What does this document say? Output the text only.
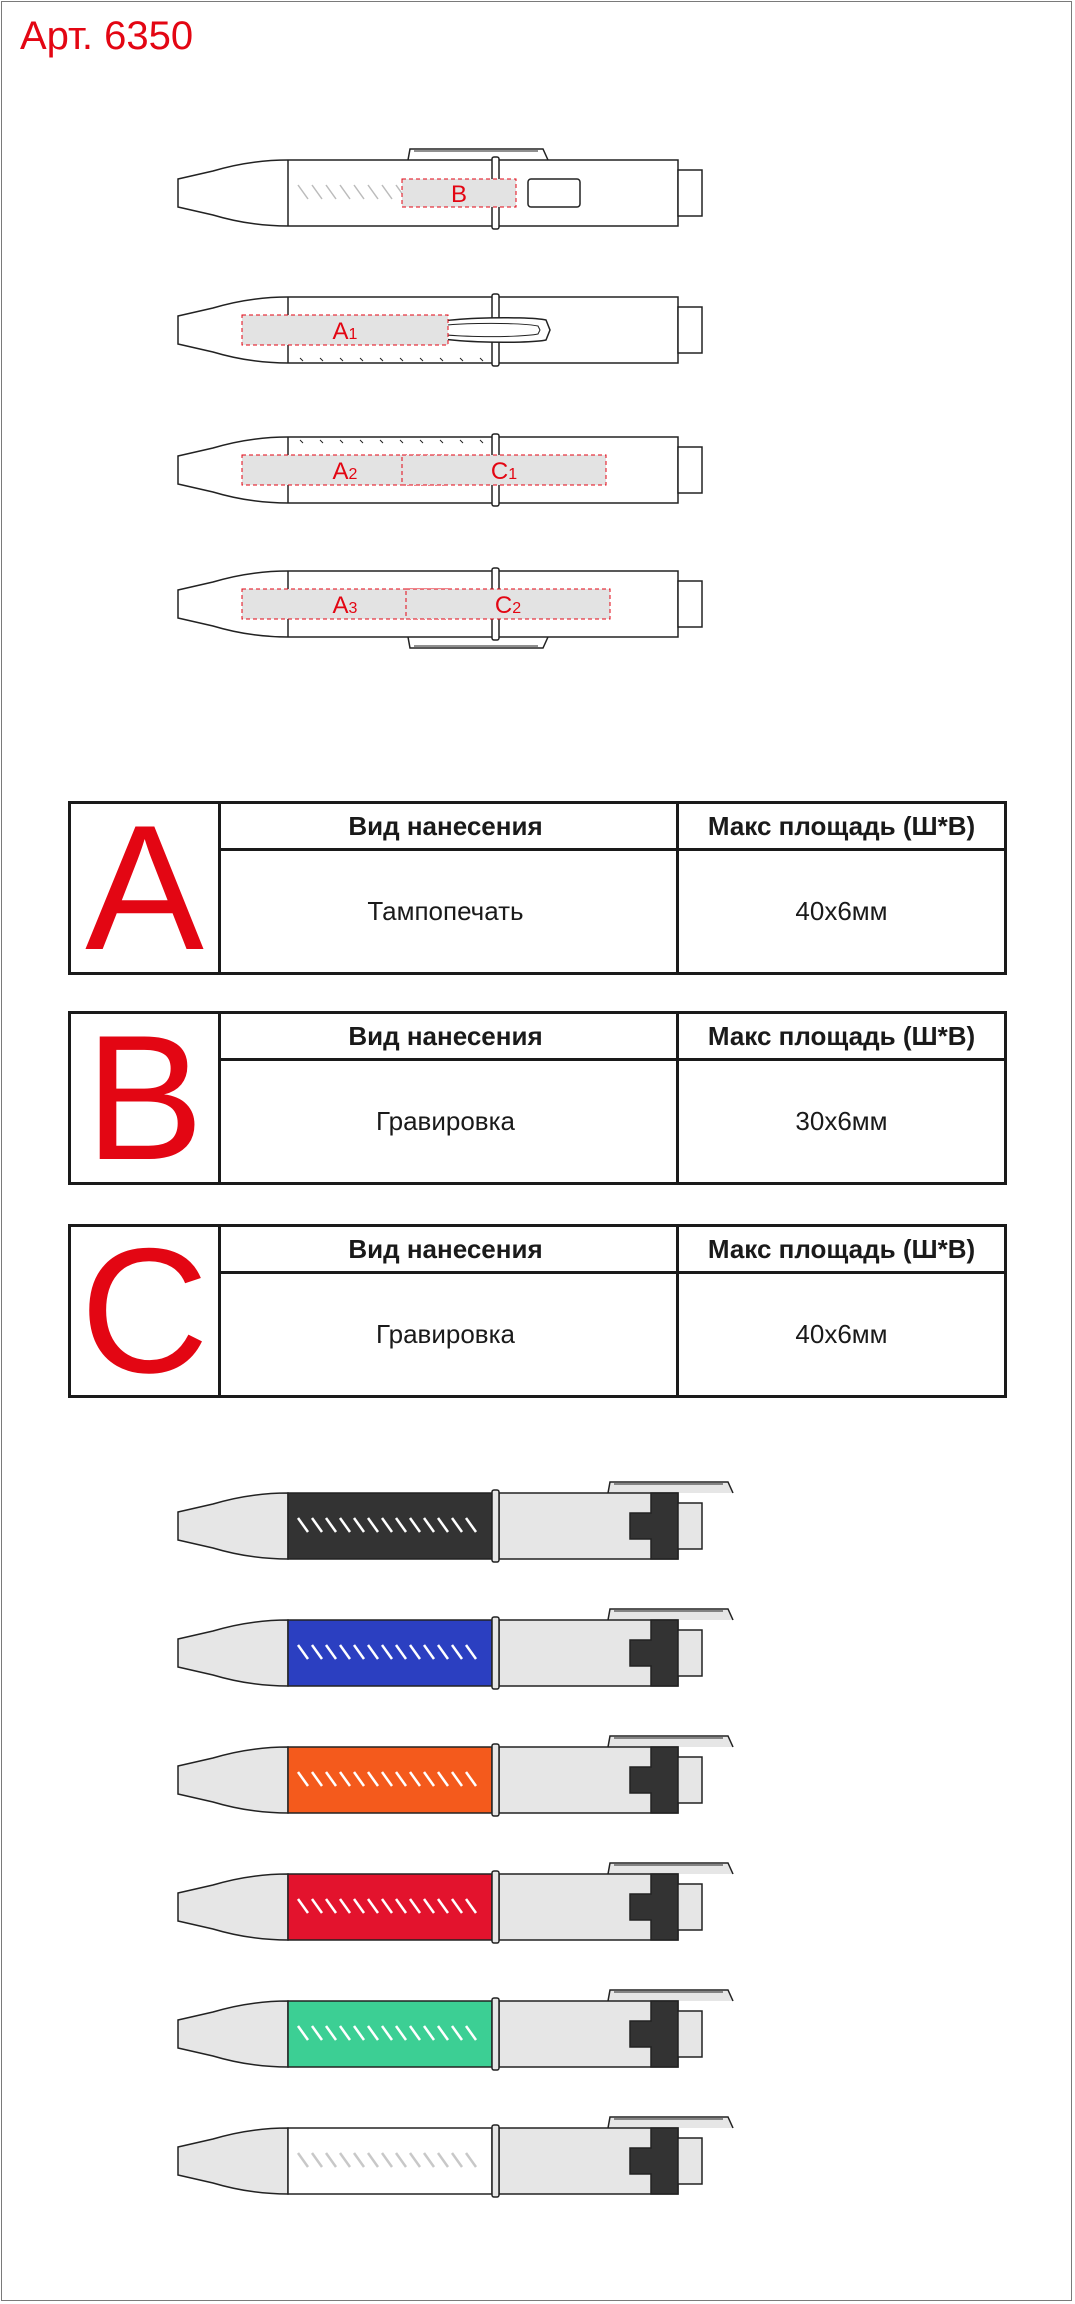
Арт. 6350
B
A1
A2	C1
A3	C2
A	Вид нанесения	Макс площадь (Ш*В)
Тампопечать	40х6мм
B	Вид нанесения	Макс площадь (Ш*В)
Гравировка	30х6мм
C	Вид нанесения	Макс площадь (Ш*В)
Гравировка	40х6мм
